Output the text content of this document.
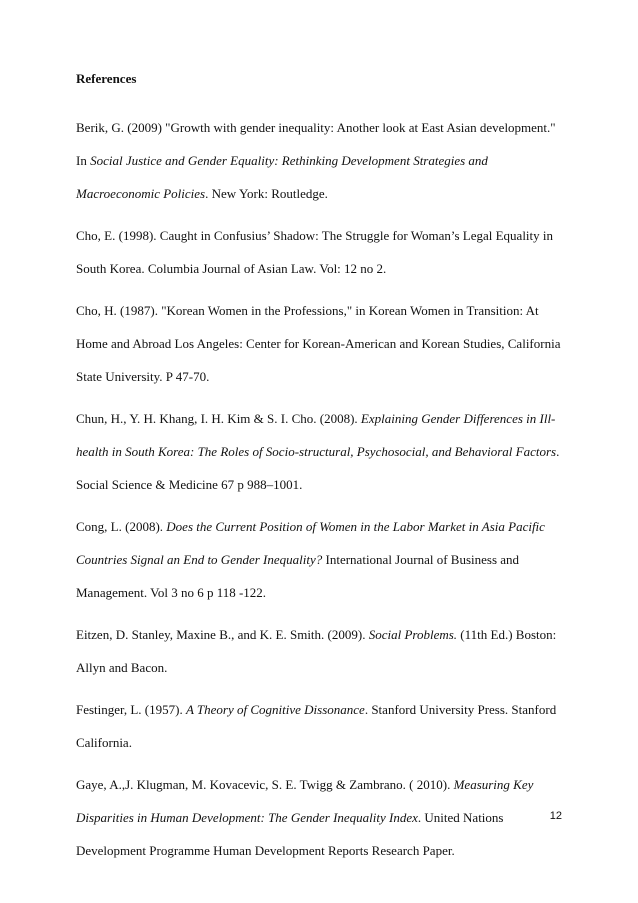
References
Berik, G. (2009) "Growth with gender inequality: Another look at East Asian development."
In Social Justice and Gender Equality: Rethinking Development Strategies and
Macroeconomic Policies. New York: Routledge.
Cho, E. (1998). Caught in Confusius’ Shadow: The Struggle for Woman’s Legal Equality in
South Korea. Columbia Journal of Asian Law. Vol: 12 no 2.
Cho, H. (1987). "Korean Women in the Professions," in Korean Women in Transition: At
Home and Abroad Los Angeles: Center for Korean-American and Korean Studies, California
State University. P 47-70.
Chun, H., Y. H. Khang, I. H. Kim & S. I. Cho. (2008). Explaining Gender Differences in Ill-
health in South Korea: The Roles of Socio-structural, Psychosocial, and Behavioral Factors.
Social Science & Medicine 67 p 988–1001.
Cong, L. (2008). Does the Current Position of Women in the Labor Market in Asia Pacific
Countries Signal an End to Gender Inequality? International Journal of Business and
Management. Vol 3 no 6 p 118 -122.
Eitzen, D. Stanley, Maxine B., and K. E. Smith. (2009). Social Problems. (11th Ed.) Boston:
Allyn and Bacon.
Festinger, L. (1957). A Theory of Cognitive Dissonance. Stanford University Press. Stanford
California.
Gaye, A.,J. Klugman, M. Kovacevic, S. E. Twigg & Zambrano. ( 2010). Measuring Key
Disparities in Human Development: The Gender Inequality Index. United Nations
Development Programme Human Development Reports Research Paper.
12
